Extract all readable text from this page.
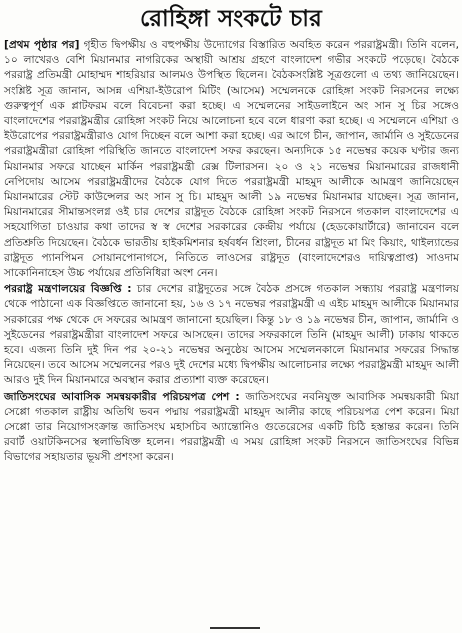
রোহিঙ্গা সংকটে চার

[প্রথম পৃষ্ঠার পর] গৃহীত দ্বিপক্ষীয় ও বহুপক্ষীয় উদ্যোগের বিস্তারিত অবহিত করেন পররাষ্ট্রমন্ত্রী। তিনি বলেন, ১০ লাখেরও বেশি মিয়ানমার নাগরিকের অস্থায়ী আশ্রয় গ্রহণে বাংলাদেশ গভীর সংকটে পড়েছে। বৈঠকে পররাষ্ট্র প্রতিমন্ত্রী মোহাম্মদ শাহরিয়ার আলমও উপস্থিত ছিলেন। বৈঠকসংশ্লিষ্ট সূত্রগুলো এ তথ্য জানিয়েছেন। সংশ্লিষ্ট সূত্র জানান, আসন্ন এশিয়া-ইউরোপ মিটিং (আসেম) সম্মেলনকে রোহিঙ্গা সংকট নিরসনের লক্ষ্যে গুরুত্বপূর্ণ এক প্লাটফরম বলে বিবেচনা করা হচ্ছে। এ সম্মেলনের সাইডলাইনে অং সান সু চির সঙ্গেও বাংলাদেশের পররাষ্ট্রমন্ত্রীর রোহিঙ্গা সংকট নিয়ে আলোচনা হবে বলে ধারণা করা হচ্ছে। এ সম্মেলনে এশিয়া ও ইউরোপের পররাষ্ট্রমন্ত্রীরাও যোগ দিচ্ছেন বলে আশা করা হচ্ছে। এর আগে চীন, জাপান, জার্মানি ও সুইডেনের পররাষ্ট্রমন্ত্রীরা রোহিঙ্গা পরিস্থিতি জানতে বাংলাদেশ সফর করছেন। অন্যদিকে ১৫ নভেম্বর কয়েক ঘণ্টার জন্য মিয়ানমার সফরে যাচ্ছেন মার্কিন পররাষ্ট্রমন্ত্রী রেক্স টিলারসন। ২০ ও ২১ নভেম্বর মিয়ানমারের রাজধানী নেপিদোয় আসেম পররাষ্ট্রমন্ত্রীদের বৈঠকে যোগ দিতে পররাষ্ট্রমন্ত্রী মাহমুদ আলীকে আমন্ত্রণ জানিয়েছেন মিয়ানমারের স্টেট কাউন্সেলর অং সান সু চি। মাহমুদ আলী ১৯ নভেম্বর মিয়ানমার যাচ্ছেন। সূত্র জানান, মিয়ানমারের সীমান্তসংলগ্ন ওই চার দেশের রাষ্ট্রদূত বৈঠকে রোহিঙ্গা সংকট নিরসনে গতকাল বাংলাদেশের এ সহযোগিতা চাওয়ার কথা তাদের স্ব স্ব দেশের সরকারের কেন্দ্রীয় পর্যায়ে (হেডকোয়ার্টারে) জানাবেন বলে প্রতিশ্রুতি দিয়েছেন। বৈঠকে ভারতীয় হাইকমিশনার হর্ষবর্ধন শ্রিংলা, চীনের রাষ্ট্রদূত মা মিং কিয়াং, থাইল্যান্ডের রাষ্ট্রদূত প্যানপিমন সোয়ানপোনাগসে, নিতিতে লাওসের রাষ্ট্রদূত (বাংলাদেশেরও দায়িত্বপ্রাপ্ত) সাওদাম সাকোনিনাহেস উচ্চ পর্যায়ের প্রতিনিধিরা অংশ নেন।

পররাষ্ট্র মন্ত্রণালয়ের বিজ্ঞপ্তি : চার দেশের রাষ্ট্রদূতের সঙ্গে বৈঠক প্রসঙ্গে গতকাল সন্ধ্যায় পররাষ্ট্র মন্ত্রণালয় থেকে পাঠানো এক বিজ্ঞপ্তিতে জানানো হয়, ১৬ ও ১৭ নভেম্বর পররাষ্ট্রমন্ত্রী এ এইচ মাহমুদ আলীকে মিয়ানমার সরকারের পক্ষ থেকে দে সফরের আমন্ত্রণ জানানো হয়েছিল। কিন্তু ১৮ ও ১৯ নভেম্বর চীন, জাপান, জার্মানি ও সুইডেনের পররাষ্ট্রমন্ত্রীরা বাংলাদেশ সফরে আসছেন। তাদের সফরকালে তিনি (মাহমুদ আলী) ঢাকায় থাকতে হবে। এজন্য তিনি দুই দিন পর ২০-২১ নভেম্বর অনুষ্ঠেয় আসেম সম্মেলনকালে মিয়ানমার সফরের সিদ্ধান্ত নিয়েছেন। তবে আসেম সম্মেলনের পরও দুই দেশের মধ্যে দ্বিপক্ষীয় আলোচনার লক্ষ্যে পররাষ্ট্রমন্ত্রী মাহমুদ আলী আরও দুই দিন মিয়ানমারে অবস্থান করার প্রত্যাশা ব্যক্ত করেছেন।

জাতিসংঘের আবাসিক সমন্বয়কারীর পরিচয়পত্র পেশ : জাতিসংঘের নবনিযুক্ত আবাসিক সমন্বয়কারী মিয়া সেপ্পো গতকাল রাষ্ট্রীয় অতিথি ভবন পদ্মায় পররাষ্ট্রমন্ত্রী মাহমুদ আলীর কাছে পরিচয়পত্র পেশ করেন। মিয়া সেপ্পো তার নিয়োগসংক্রান্ত জাতিসংঘ মহাসচিব অ্যান্তোনিও গুতেরেসের একটি চিঠি হস্তান্তর করেন। তিনি রবার্ট ওয়াটকিনসের স্থলাভিষিক্ত হলেন। পররাষ্ট্রমন্ত্রী এ সময় রোহিঙ্গা সংকট নিরসনে জাতিসংঘের বিভিন্ন বিভাগের সহায়তার ভূয়সী প্রশংসা করেন।
